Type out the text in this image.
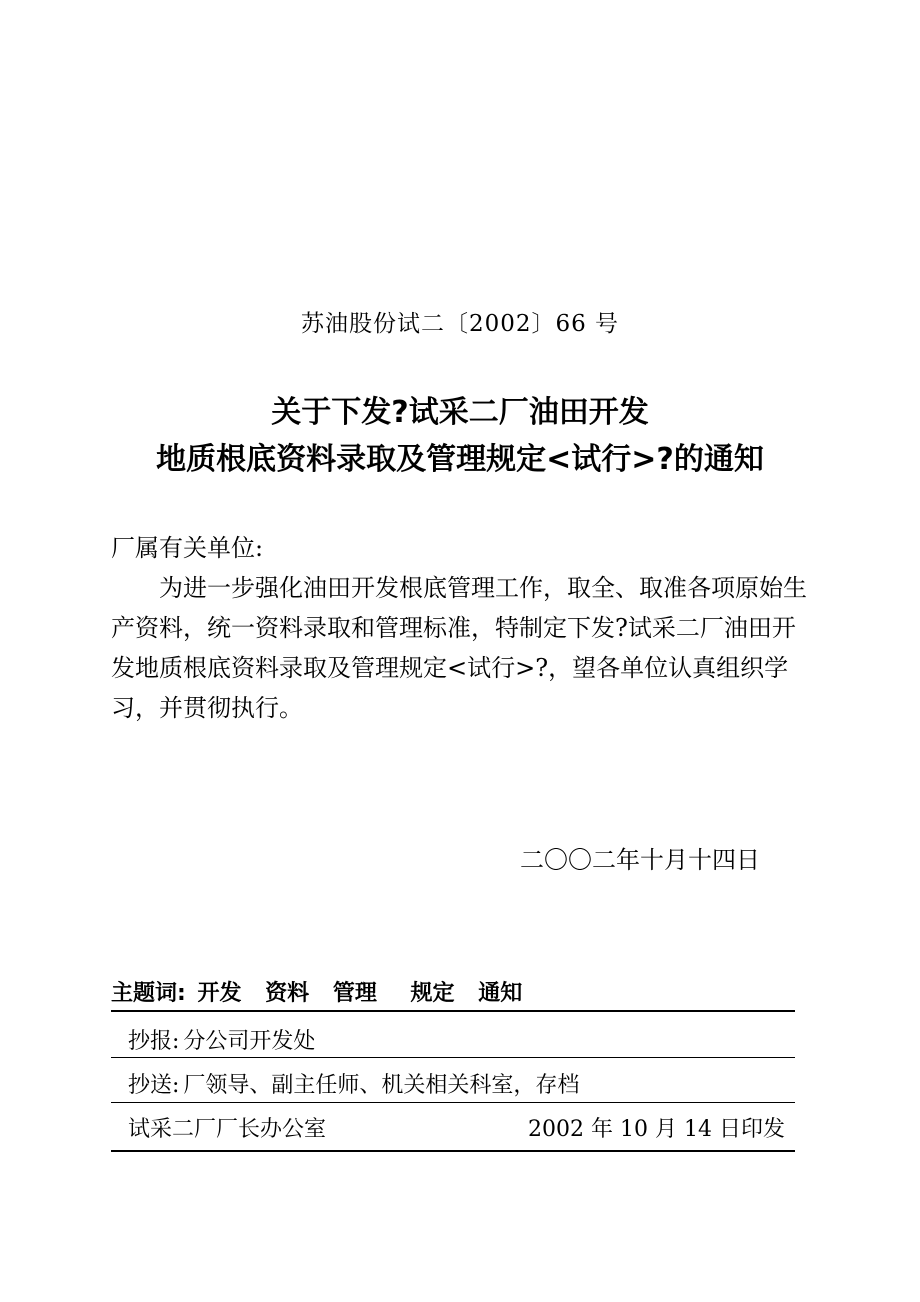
苏油股份试二〔2002〕66 号
关于下发?试采二厂油田开发
地质根底资料录取及管理规定<试行>?的通知
厂属有关单位:

为进一步强化油田开发根底管理工作，取全、取准各项原始生产资料，统一资料录取和管理标准，特制定下发?试采二厂油田开发地质根底资料录取及管理规定<试行>?，望各单位认真组织学习，并贯彻执行。

二〇〇二年十月十四日
主题词: 开发 资料 管理 规定 通知
抄报: 分公司开发处
抄送: 厂领导、副主任师、机关相关科室，存档
试采二厂厂长办公室	2002 年 10 月 14 日印发
